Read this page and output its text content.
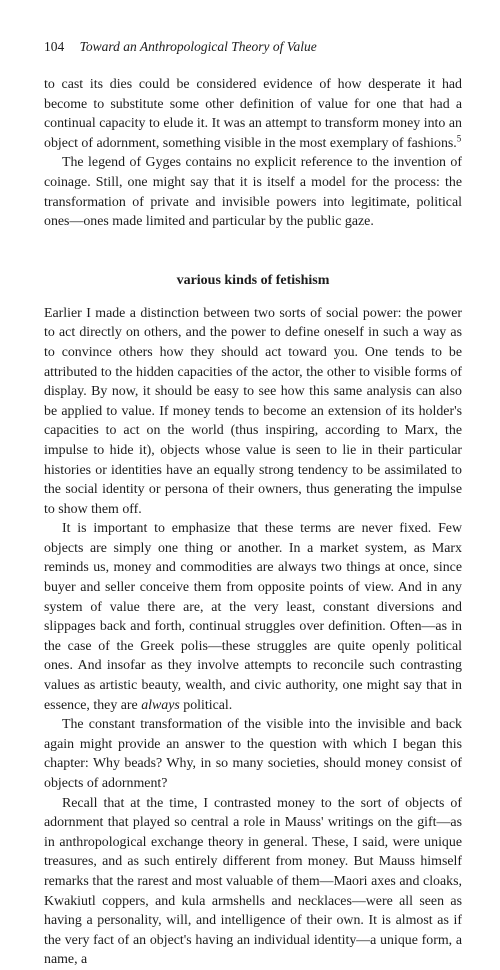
104 Toward an Anthropological Theory of Value

to cast its dies could be considered evidence of how desperate it had become to substitute some other definition of value for one that had a continual capacity to elude it. It was an attempt to transform money into an object of adornment, something visible in the most exemplary of fashions.$^5$

The legend of Gyges contains no explicit reference to the invention of coinage. Still, one might say that it is itself a model for the process: the transformation of private and invisible powers into legitimate, political ones—ones made limited and particular by the public gaze.

various kinds of fetishism

Earlier I made a distinction between two sorts of social power: the power to act directly on others, and the power to define oneself in such a way as to convince others how they should act toward you. One tends to be attributed to the hidden capacities of the actor, the other to visible forms of display. By now, it should be easy to see how this same analysis can also be applied to value. If money tends to become an extension of its holder's capacities to act on the world (thus inspiring, according to Marx, the impulse to hide it), objects whose value is seen to lie in their particular histories or identities have an equally strong tendency to be assimilated to the social identity or persona of their owners, thus generating the impulse to show them off.

It is important to emphasize that these terms are never fixed. Few objects are simply one thing or another. In a market system, as Marx reminds us, money and commodities are always two things at once, since buyer and seller conceive them from opposite points of view. And in any system of value there are, at the very least, constant diversions and slippages back and forth, continual struggles over definition. Often—as in the case of the Greek polis—these struggles are quite openly political ones. And insofar as they involve attempts to reconcile such contrasting values as artistic beauty, wealth, and civic authority, one might say that in essence, they are always political.

The constant transformation of the visible into the invisible and back again might provide an answer to the question with which I began this chapter: Why beads? Why, in so many societies, should money consist of objects of adornment?

Recall that at the time, I contrasted money to the sort of objects of adornment that played so central a role in Mauss' writings on the gift—as in anthropological exchange theory in general. These, I said, were unique treasures, and as such entirely different from money. But Mauss himself remarks that the rarest and most valuable of them—Maori axes and cloaks, Kwakiutl coppers, and kula armshells and necklaces—were all seen as having a personality, will, and intelligence of their own. It is almost as if the very fact of an object's having an individual identity—a unique form, a name, a
